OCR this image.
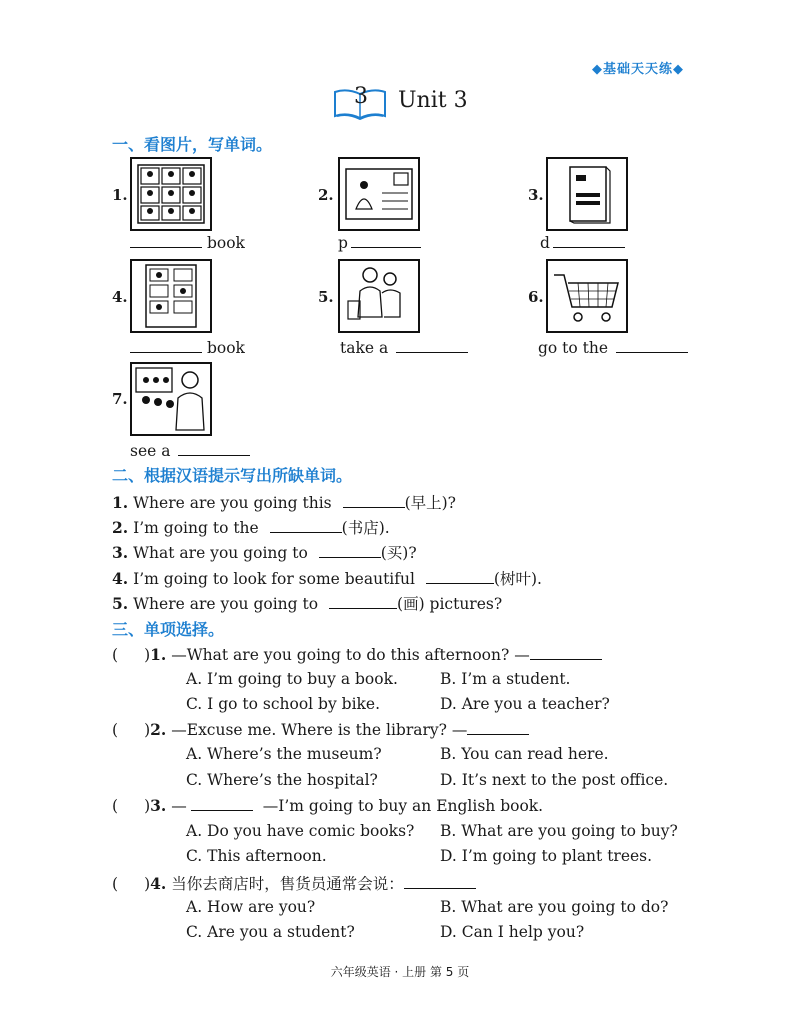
◆基础天天练◆
3 Unit 3
一、看图片，写单词。
1.
book
2.
p
3.
d
4.
book
5.
take a
6.
go to the
7.
see a
二、根据汉语提示写出所缺单词。
1. Where are you going this	(早上)?
2. I’m going to the	(书店).
3. What are you going to	(买)?
4. I’m going to look for some beautiful	(树叶).
5. Where are you going to	(画) pictures?
三、单项选择。
( )1. —What are you going to do this afternoon? —
A. I’m going to buy a book.	B. I’m a student.
C. I go to school by bike.	D. Are you a teacher?
( )2. —Excuse me. Where is the library? —
A. Where’s the museum?	B. You can read here.
C. Where’s the hospital?	D. It’s next to the post office.
( )3. —	—I’m going to buy an English book.
A. Do you have comic books? B. What are you going to buy?
C. This afternoon.	D. I’m going to plant trees.
( )4. 当你去商店时，售货员通常会说：
A. How are you?	B. What are you going to do?
C. Are you a student?	D. Can I help you?
六年级英语 · 上册 第 5 页
